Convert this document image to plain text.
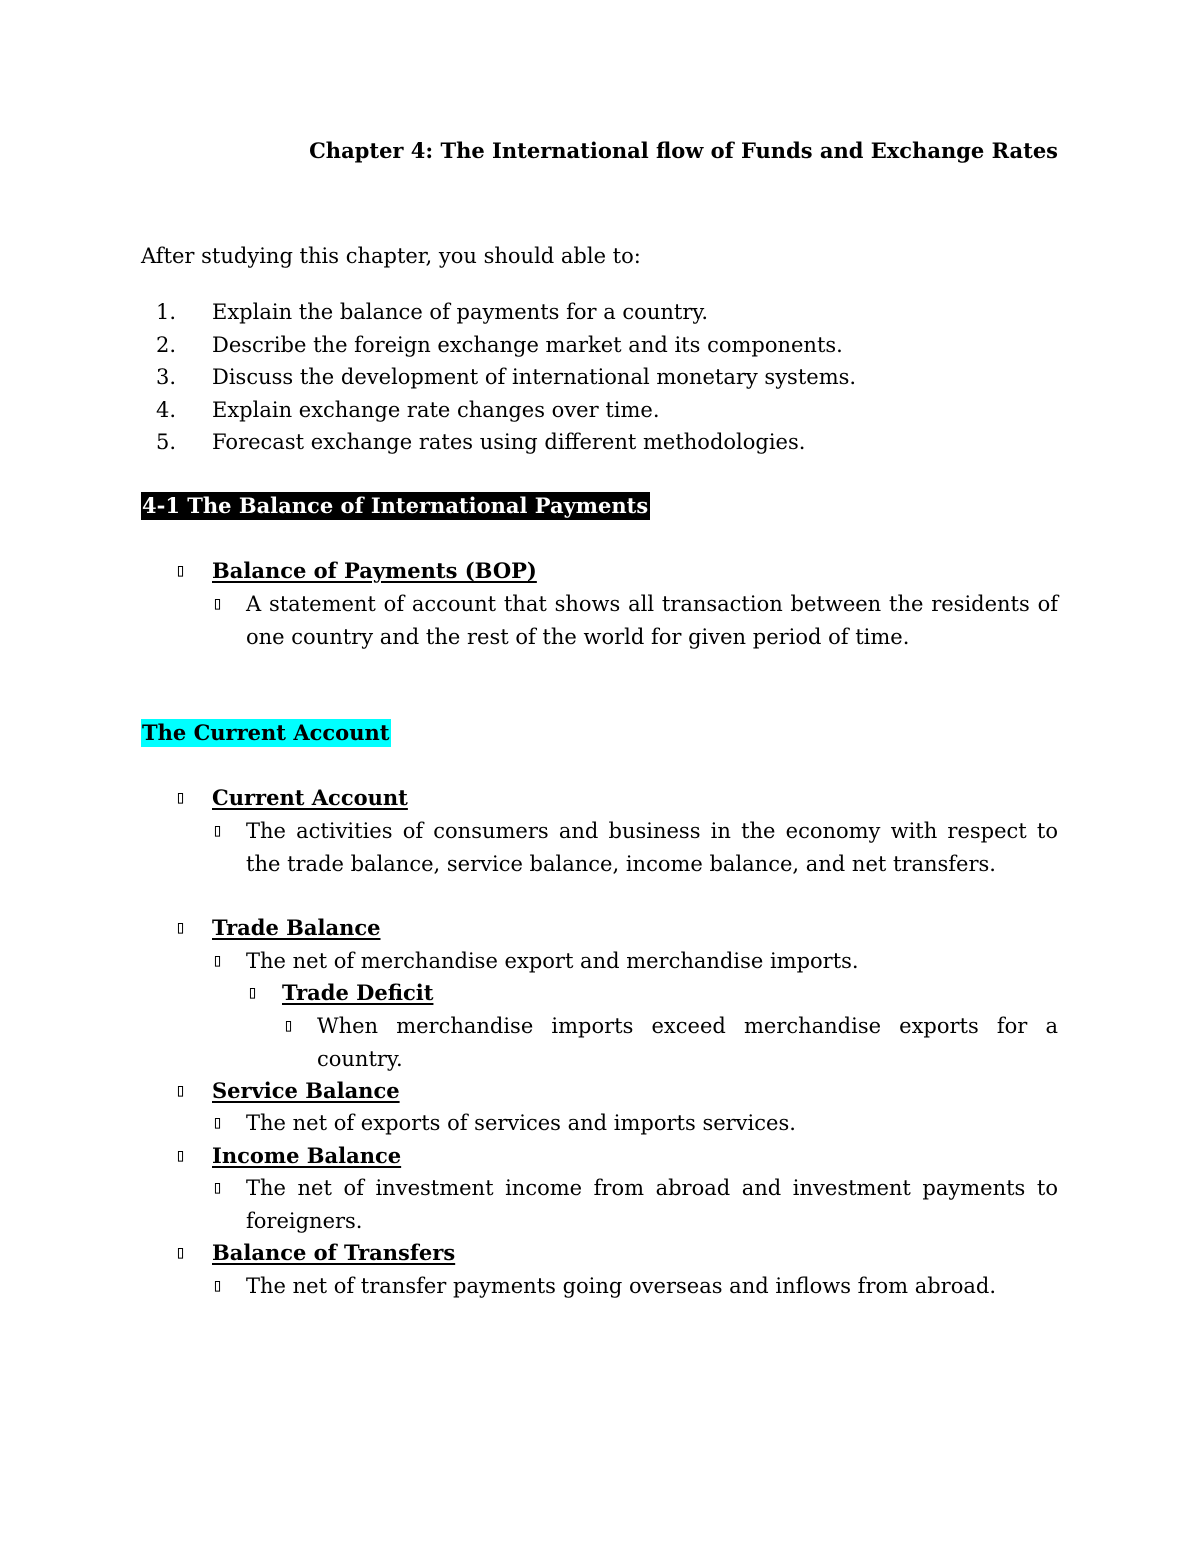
Chapter 4: The International flow of Funds and Exchange Rates
After studying this chapter, you should able to:
1. Explain the balance of payments for a country.
2. Describe the foreign exchange market and its components.
3. Discuss the development of international monetary systems.
4. Explain exchange rate changes over time.
5. Forecast exchange rates using different methodologies.
4-1 The Balance of International Payments
▯ Balance of Payments (BOP)
▯ A statement of account that shows all transaction between the residents of one country and the rest of the world for given period of time.
The Current Account
▯ Current Account
▯ The activities of consumers and business in the economy with respect to the trade balance, service balance, income balance, and net transfers.
▯ Trade Balance
▯ The net of merchandise export and merchandise imports.
▯ Trade Deficit
▯ When merchandise imports exceed merchandise exports for a country.
▯ Service Balance
▯ The net of exports of services and imports services.
▯ Income Balance
▯ The net of investment income from abroad and investment payments to foreigners.
▯ Balance of Transfers
▯ The net of transfer payments going overseas and inflows from abroad.
